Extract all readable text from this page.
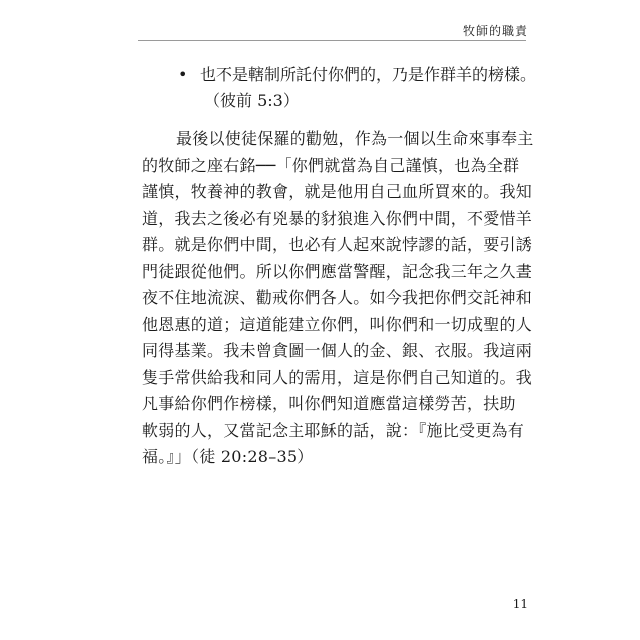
牧師的職責
• 也不是轄制所託付你們的，乃是作群羊的榜樣。
（彼前 5:3）
最後以使徒保羅的勸勉，作為一個以生命來事奉主
的牧師之座右銘──「你們就當為自己謹慎，也為全群
謹慎，牧養神的教會，就是他用自己血所買來的。我知
道，我去之後必有兇暴的豺狼進入你們中間，不愛惜羊
群。就是你們中間，也必有人起來說悖謬的話，要引誘
門徒跟從他們。所以你們應當警醒，記念我三年之久晝
夜不住地流淚、勸戒你們各人。如今我把你們交託神和
他恩惠的道；這道能建立你們，叫你們和一切成聖的人
同得基業。我未曾貪圖一個人的金、銀、衣服。我這兩
隻手常供給我和同人的需用，這是你們自己知道的。我
凡事給你們作榜樣，叫你們知道應當這樣勞苦，扶助
軟弱的人，又當記念主耶穌的話，說：『施比受更為有
福。』」（徒 20:28–35）
11
